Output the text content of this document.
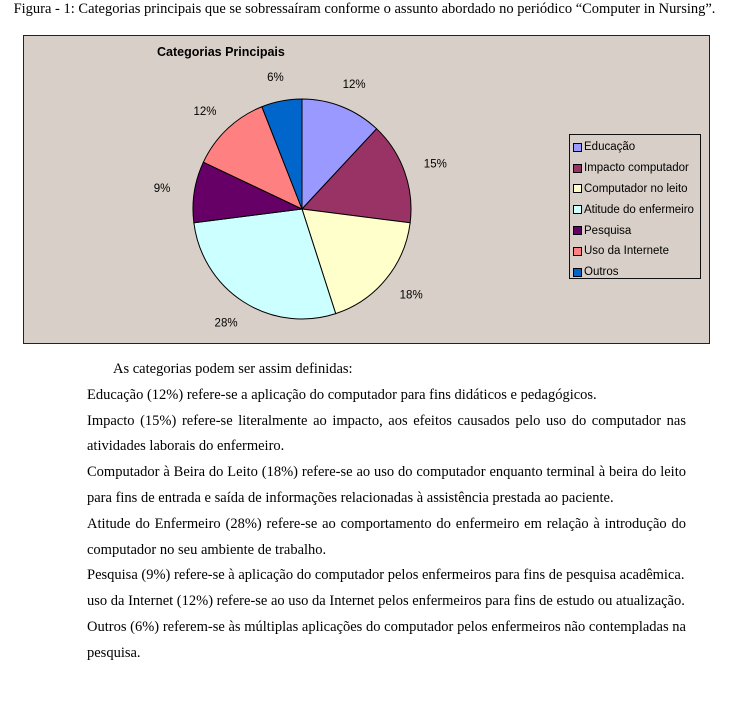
Figura - 1: Categorias principais que se sobressaíram conforme o assunto abordado no periódico “Computer in Nursing”.
Categorias Principais
12%
15%
18%
28%
9%
12%
6%
Educação
Impacto computador
Computador no leito
Atitude do enfermeiro
Pesquisa
Uso da Internete
Outros

As categorias podem ser assim definidas:

Educação (12%) refere-se a aplicação do computador para fins didáticos e pedagógicos.

Impacto (15%) refere-se literalmente ao impacto, aos efeitos causados pelo uso do computador nas atividades laborais do enfermeiro.

Computador à Beira do Leito (18%) refere-se ao uso do computador enquanto terminal à beira do leito para fins de entrada e saída de informações relacionadas à assistência prestada ao paciente.

Atitude do Enfermeiro (28%) refere-se ao comportamento do enfermeiro em relação à introdução do computador no seu ambiente de trabalho.

Pesquisa (9%) refere-se à aplicação do computador pelos enfermeiros para fins de pesquisa acadêmica.

uso da Internet (12%) refere-se ao uso da Internet pelos enfermeiros para fins de estudo ou atualização.

Outros (6%) referem-se às múltiplas aplicações do computador pelos enfermeiros não contempladas na pesquisa.
